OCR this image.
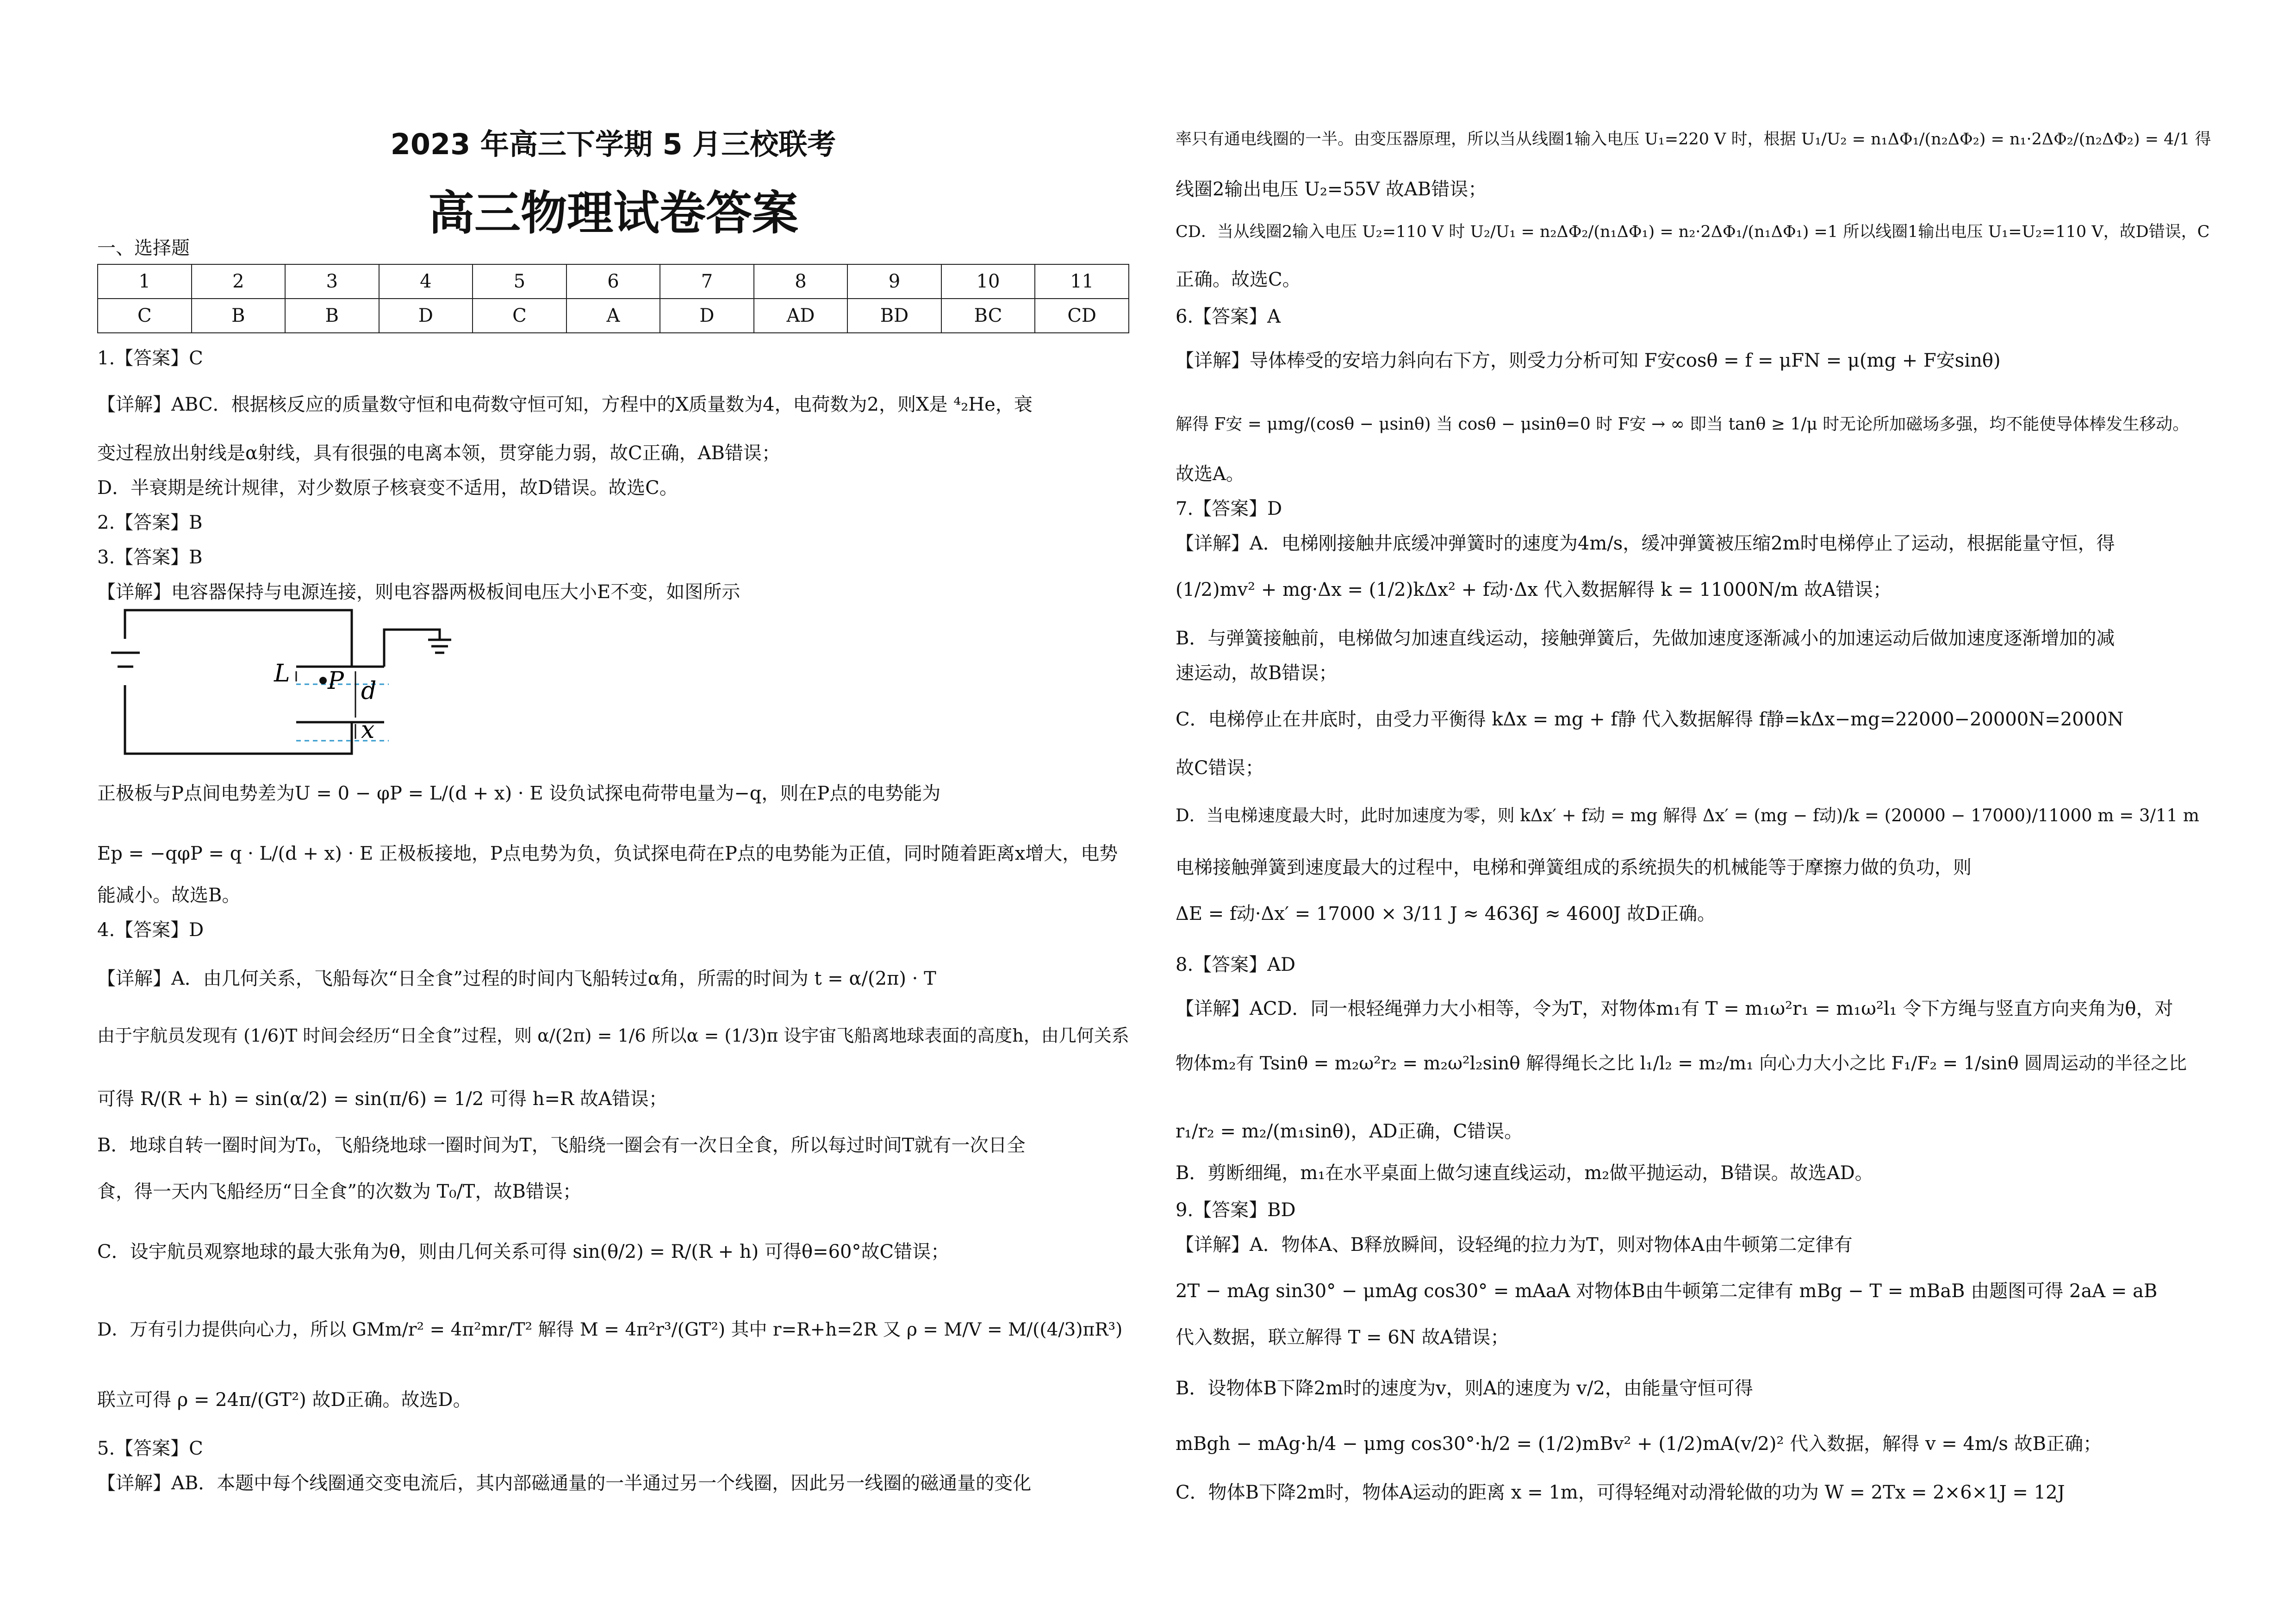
2023 年高三下学期 5 月三校联考
高三物理试卷答案
一、选择题
1	2	3	4	5	6	7	8	9	10	11
C	B	B	D	C	A	D	AD	BD	BC	CD
1.【答案】C
【详解】ABC．根据核反应的质量数守恒和电荷数守恒可知，方程中的X质量数为4，电荷数为2，则X是 ⁴₂He，衰
变过程放出射线是α射线，具有很强的电离本领，贯穿能力弱，故C正确，AB错误；
D．半衰期是统计规律，对少数原子核衰变不适用，故D错误。故选C。
2.【答案】B
3.【答案】B
【详解】电容器保持与电源连接，则电容器两极板间电压大小E不变，如图所示
L P d
x
正极板与P点间电势差为U = 0 − φP = L/(d + x) · E 设负试探电荷带电量为−q，则在P点的电势能为
Ep = −qφP = q · L/(d + x) · E 正极板接地，P点电势为负，负试探电荷在P点的电势能为正值，同时随着距离x增大，电势
能减小。故选B。
4.【答案】D
【详解】A．由几何关系，飞船每次“日全食”过程的时间内飞船转过α角，所需的时间为 t = α/(2π) · T
由于宇航员发现有 (1/6)T 时间会经历“日全食”过程，则 α/(2π) = 1/6 所以α = (1/3)π 设宇宙飞船离地球表面的高度h，由几何关系
可得 R/(R + h) = sin(α/2) = sin(π/6) = 1/2 可得 h=R 故A错误；
B．地球自转一圈时间为T₀，飞船绕地球一圈时间为T，飞船绕一圈会有一次日全食，所以每过时间T就有一次日全
食，得一天内飞船经历“日全食”的次数为 T₀/T，故B错误；
C．设宇航员观察地球的最大张角为θ，则由几何关系可得 sin(θ/2) = R/(R + h) 可得θ=60°故C错误；
D．万有引力提供向心力，所以 GMm/r² = 4π²mr/T² 解得 M = 4π²r³/(GT²) 其中 r=R+h=2R 又 ρ = M/V = M/((4/3)πR³)
联立可得 ρ = 24π/(GT²) 故D正确。故选D。
5.【答案】C
【详解】AB．本题中每个线圈通交变电流后，其内部磁通量的一半通过另一个线圈，因此另一线圈的磁通量的变化
率只有通电线圈的一半。由变压器原理，所以当从线圈1输入电压 U₁=220 V 时，根据 U₁/U₂ = n₁ΔΦ₁/(n₂ΔΦ₂) = n₁·2ΔΦ₂/(n₂ΔΦ₂) = 4/1 得
线圈2输出电压 U₂=55V 故AB错误；
CD．当从线圈2输入电压 U₂=110 V 时 U₂/U₁ = n₂ΔΦ₂/(n₁ΔΦ₁) = n₂·2ΔΦ₁/(n₁ΔΦ₁) =1 所以线圈1输出电压 U₁=U₂=110 V，故D错误，C
正确。故选C。
6.【答案】A
【详解】导体棒受的安培力斜向右下方，则受力分析可知 F安cosθ = f = μFN = μ(mg + F安sinθ)
解得 F安 = μmg/(cosθ − μsinθ) 当 cosθ − μsinθ=0 时 F安 → ∞ 即当 tanθ ≥ 1/μ 时无论所加磁场多强，均不能使导体棒发生移动。
故选A。
7.【答案】D
【详解】A．电梯刚接触井底缓冲弹簧时的速度为4m/s，缓冲弹簧被压缩2m时电梯停止了运动，根据能量守恒，得
(1/2)mv² + mg·Δx = (1/2)kΔx² + f动·Δx 代入数据解得 k = 11000N/m 故A错误；
B．与弹簧接触前，电梯做匀加速直线运动，接触弹簧后，先做加速度逐渐减小的加速运动后做加速度逐渐增加的减
速运动，故B错误；
C．电梯停止在井底时，由受力平衡得 kΔx = mg + f静 代入数据解得 f静=kΔx−mg=22000−20000N=2000N
故C错误；
D．当电梯速度最大时，此时加速度为零，则 kΔx′ + f动 = mg 解得 Δx′ = (mg − f动)/k = (20000 − 17000)/11000 m = 3/11 m
电梯接触弹簧到速度最大的过程中，电梯和弹簧组成的系统损失的机械能等于摩擦力做的负功，则
ΔE = f动·Δx′ = 17000 × 3/11 J ≈ 4636J ≈ 4600J 故D正确。
8.【答案】AD
【详解】ACD．同一根轻绳弹力大小相等，令为T，对物体m₁有 T = m₁ω²r₁ = m₁ω²l₁ 令下方绳与竖直方向夹角为θ，对
物体m₂有 Tsinθ = m₂ω²r₂ = m₂ω²l₂sinθ 解得绳长之比 l₁/l₂ = m₂/m₁ 向心力大小之比 F₁/F₂ = 1/sinθ 圆周运动的半径之比
r₁/r₂ = m₂/(m₁sinθ)，AD正确，C错误。
B．剪断细绳，m₁在水平桌面上做匀速直线运动，m₂做平抛运动，B错误。故选AD。
9.【答案】BD
【详解】A．物体A、B释放瞬间，设轻绳的拉力为T，则对物体A由牛顿第二定律有
2T − mAg sin30° − μmAg cos30° = mAaA 对物体B由牛顿第二定律有 mBg − T = mBaB 由题图可得 2aA = aB
代入数据，联立解得 T = 6N 故A错误；
B．设物体B下降2m时的速度为v，则A的速度为 v/2，由能量守恒可得
mBgh − mAg·h/4 − μmg cos30°·h/2 = (1/2)mBv² + (1/2)mA(v/2)² 代入数据，解得 v = 4m/s 故B正确；
C．物体B下降2m时，物体A运动的距离 x = 1m，可得轻绳对动滑轮做的功为 W = 2Tx = 2×6×1J = 12J
